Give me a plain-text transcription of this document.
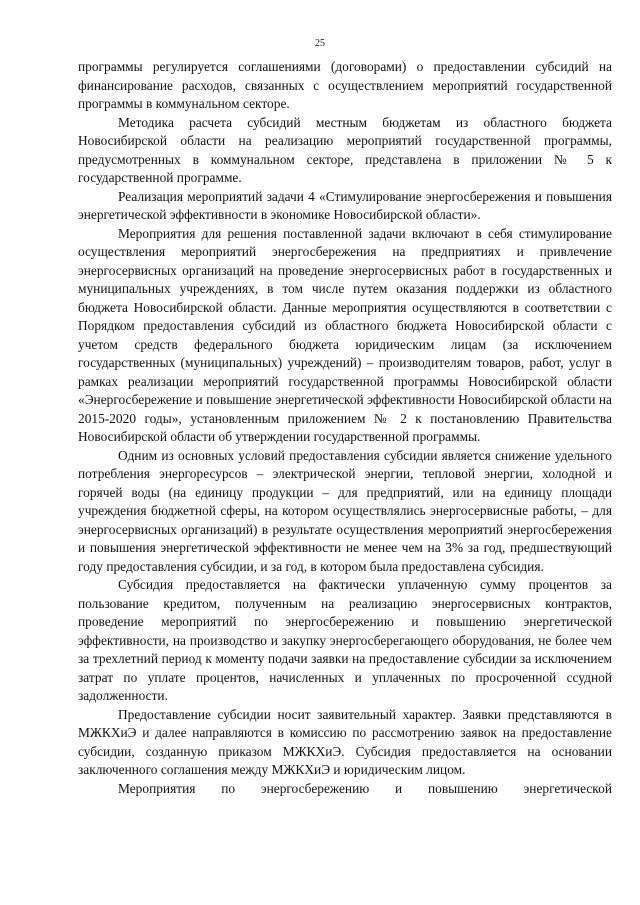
25

программы регулируется соглашениями (договорами) о предоставлении субсидий на финансирование расходов, связанных с осуществлением мероприятий государственной программы в коммунальном секторе.

Методика расчета субсидий местным бюджетам из областного бюджета Новосибирской области на реализацию мероприятий государственной программы, предусмотренных в коммунальном секторе, представлена в приложении № 5 к государственной программе.

Реализация мероприятий задачи 4 «Стимулирование энергосбережения и повышения энергетической эффективности в экономике Новосибирской области».

Мероприятия для решения поставленной задачи включают в себя стимулирование осуществления мероприятий энергосбережения на предприятиях и привлечение энергосервисных организаций на проведение энергосервисных работ в государственных и муниципальных учреждениях, в том числе путем оказания поддержки из областного бюджета Новосибирской области. Данные мероприятия осуществляются в соответствии с Порядком предоставления субсидий из областного бюджета Новосибирской области с учетом средств федерального бюджета юридическим лицам (за исключением государственных (муниципальных) учреждений) – производителям товаров, работ, услуг в рамках реализации мероприятий государственной программы Новосибирской области «Энергосбережение и повышение энергетической эффективности Новосибирской области на 2015-2020 годы», установленным приложением № 2 к постановлению Правительства Новосибирской области об утверждении государственной программы.

Одним из основных условий предоставления субсидии является снижение удельного потребления энергоресурсов – электрической энергии, тепловой энергии, холодной и горячей воды (на единицу продукции – для предприятий, или на единицу площади учреждения бюджетной сферы, на котором осуществлялись энергосервисные работы, – для энергосервисных организаций) в результате осуществления мероприятий энергосбережения и повышения энергетической эффективности не менее чем на 3% за год, предшествующий году предоставления субсидии, и за год, в котором была предоставлена субсидия.

Субсидия предоставляется на фактически уплаченную сумму процентов за пользование кредитом, полученным на реализацию энергосервисных контрактов, проведение мероприятий по энергосбережению и повышению энергетической эффективности, на производство и закупку энергосберегающего оборудования, не более чем за трехлетний период к моменту подачи заявки на предоставление субсидии за исключением затрат по уплате процентов, начисленных и уплаченных по просроченной ссудной задолженности.

Предоставление субсидии носит заявительный характер. Заявки представляются в МЖКХиЭ и далее направляются в комиссию по рассмотрению заявок на предоставление субсидии, созданную приказом МЖКХиЭ. Субсидия предоставляется на основании заключенного соглашения между МЖКХиЭ и юридическим лицом.

Мероприятия по энергосбережению и повышению энергетической
